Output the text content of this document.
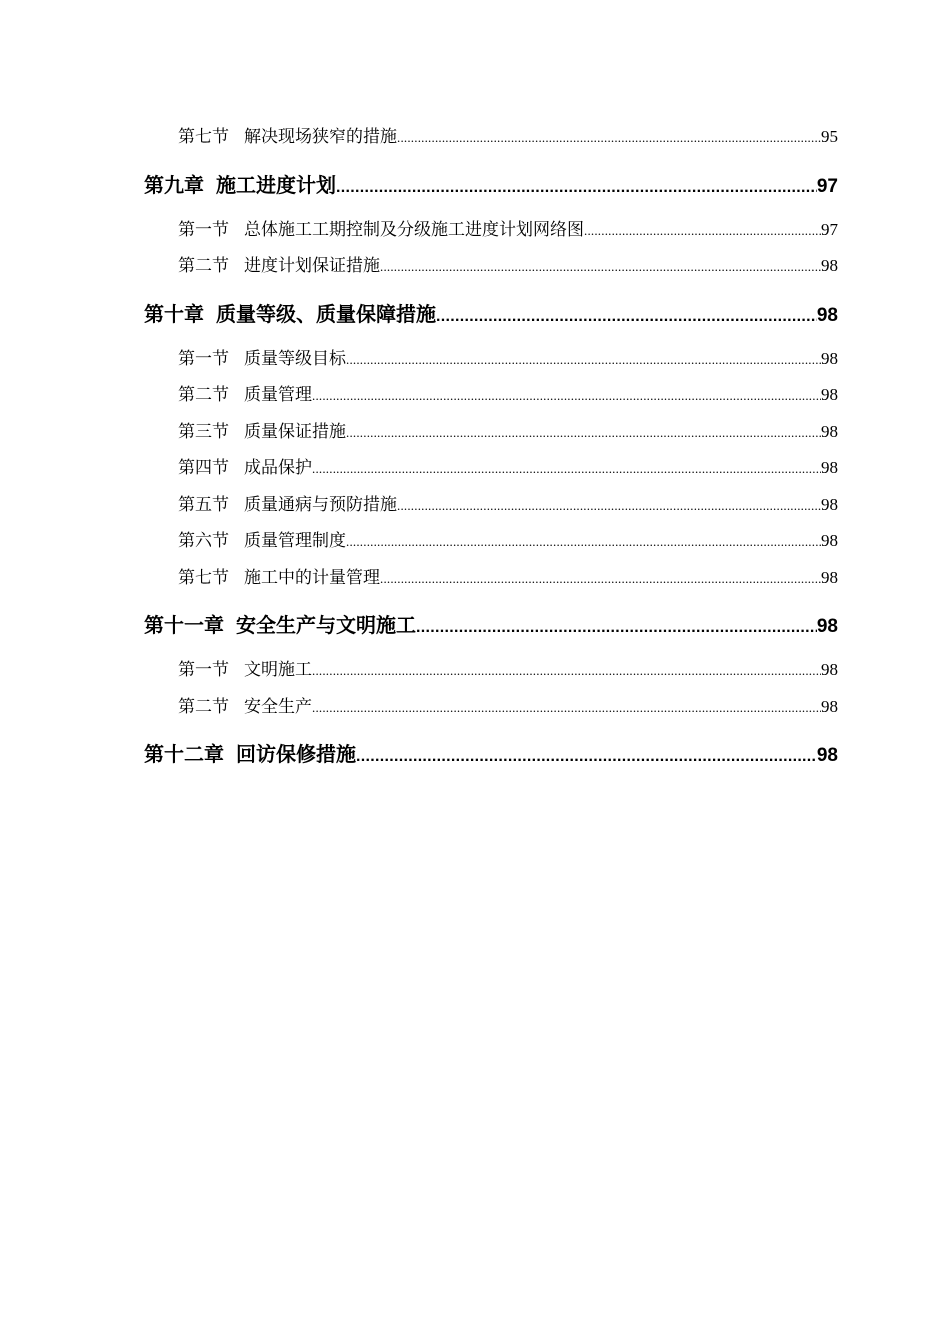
第七节 解决现场狭窄的措施 .....	95
第九章 施工进度计划 .....	97
第一节 总体施工工期控制及分级施工进度计划网络图 .....	97
第二节 进度计划保证措施 .....	98
第十章 质量等级、质量保障措施 .....	98
第一节 质量等级目标 .....	98
第二节 质量管理 .....	98
第三节 质量保证措施 .....	98
第四节 成品保护 .....	98
第五节 质量通病与预防措施 .....	98
第六节 质量管理制度 .....	98
第七节 施工中的计量管理 .....	98
第十一章 安全生产与文明施工 .....	98
第一节 文明施工 .....	98
第二节 安全生产 .....	98
第十二章 回访保修措施 .....	98
